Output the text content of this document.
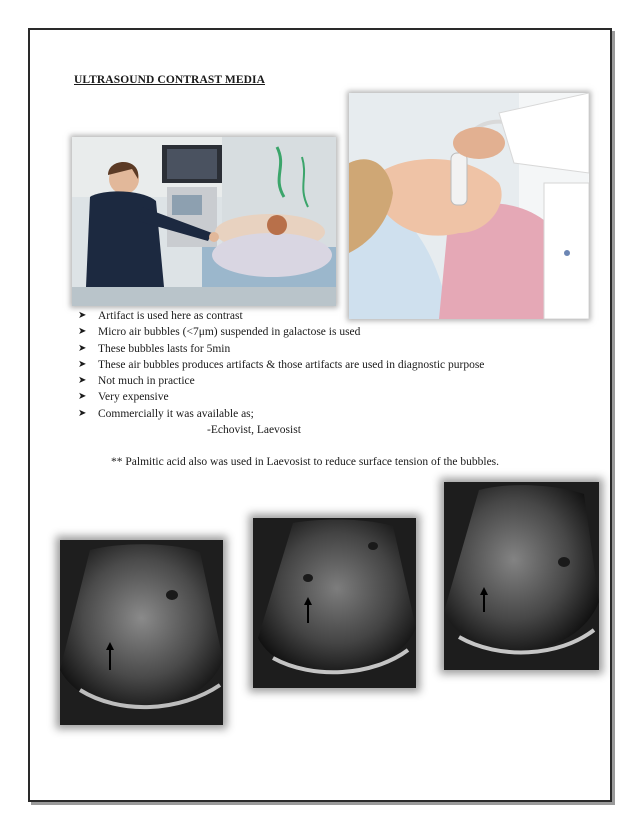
ULTRASOUND CONTRAST MEDIA
➤ Artifact is used here as contrast
➤ Micro air bubbles (<7μm) suspended in galactose is used
➤ These bubbles lasts for 5min
➤ These air bubbles produces artifacts & those artifacts are used in diagnostic purpose
➤ Not much in practice
➤ Very expensive
➤ Commercially it was available as;
-Echovist, Laevosist
** Palmitic acid also was used in Laevosist to reduce surface tension of the bubbles.
